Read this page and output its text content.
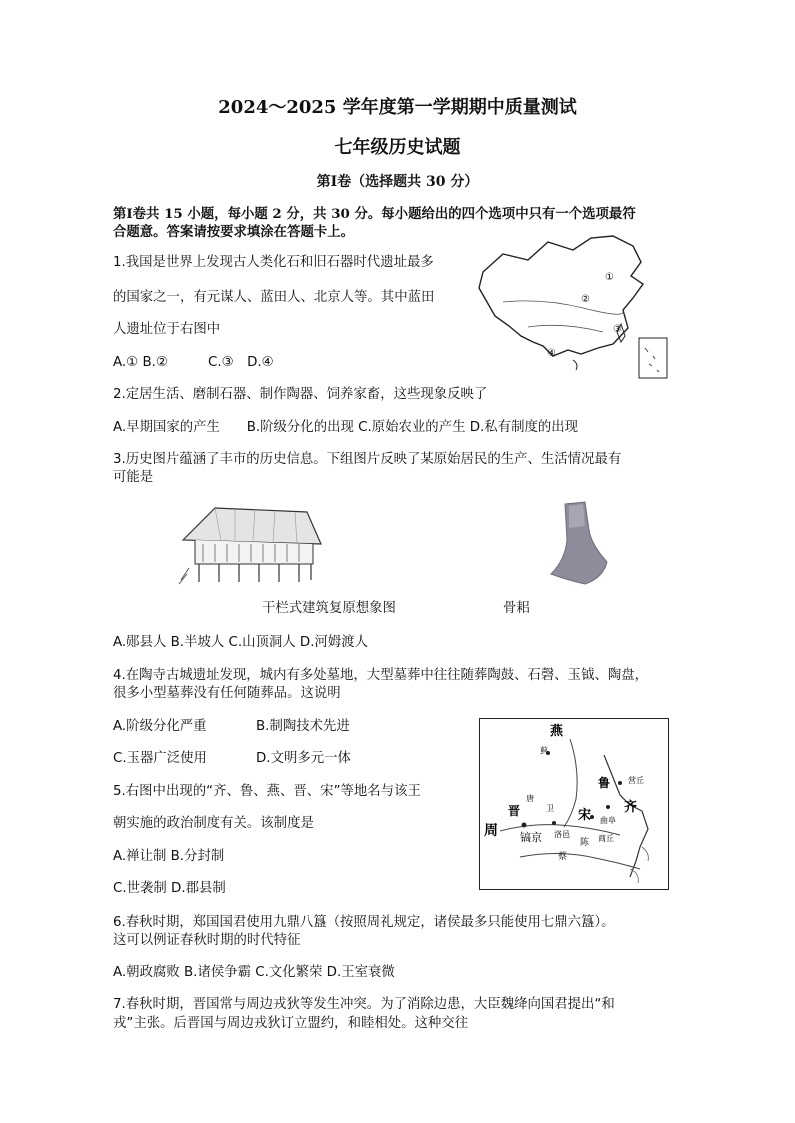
2024～2025 学年度第一学期期中质量测试
七年级历史试题
第Ⅰ卷（选择题共 30 分）
第Ⅰ卷共 15 小题，每小题 2 分，共 30 分。每小题给出的四个选项中只有一个选项最符
合题意。答案请按要求填涂在答题卡上。
1.我国是世界上发现古人类化石和旧石器时代遗址最多
的国家之一，有元谋人、蓝田人、北京人等。其中蓝田
人遗址位于右图中
A.① B.②　　　C.③　D.④
①
②
③
④
2.定居生活、磨制石器、制作陶器、饲养家畜，这些现象反映了
A.早期国家的产生　　B.阶级分化的出现 C.原始农业的产生 D.私有制度的出现
3.历史图片蕴涵了丰市的历史信息。下组图片反映了某原始居民的生产、生活情况最有
可能是
干栏式建筑复原想象图	骨耜
A.郧县人 B.半坡人 C.山顶洞人 D.河姆渡人
4.在陶寺古城遗址发现，城内有多处墓地，大型墓葬中往往随葬陶鼓、石磬、玉钺、陶盘，
很多小型墓葬没有任何随葬品。这说明
A.阶级分化严重	B.制陶技术先进
C.玉器广泛使用	D.文明多元一体
5.右图中出现的“齐、鲁、燕、晋、宋”等地名与该王
朝实施的政治制度有关。该制度是
A.禅让制 B.分封制
C.世袭制 D.郡县制
燕
蓟
晋
唐
卫
鲁
齐
营丘
曲阜
宋
商丘
周 镐京 洛邑
陈
蔡
6.春秋时期，郑国国君使用九鼎八簋（按照周礼规定，诸侯最多只能使用七鼎六簋）。
这可以例证春秋时期的时代特征
A.朝政腐败 B.诸侯争霸 C.文化繁荣 D.王室衰微
7.春秋时期，晋国常与周边戎狄等发生冲突。为了消除边患，大臣魏绛向国君提出“和
戎”主张。后晋国与周边戎狄订立盟约，和睦相处。这种交往
